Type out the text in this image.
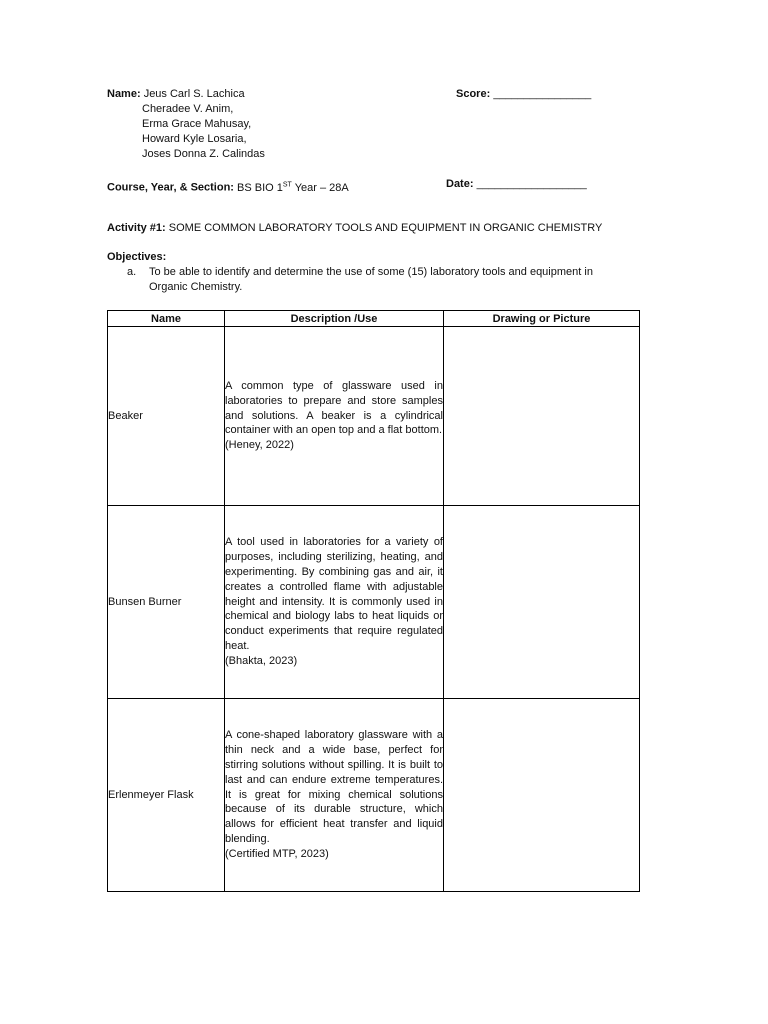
Name: Jeus Carl S. Lachica
Cheradee V. Anim,
Erma Grace Mahusay,
Howard Kyle Losaria,
Joses Donna Z. Calindas
Score: ________________
Course, Year, & Section: BS BIO 1ST Year – 28A	Date: __________________
Activity #1: SOME COMMON LABORATORY TOOLS AND EQUIPMENT IN ORGANIC CHEMISTRY
Objectives:
a. To be able to identify and determine the use of some (15) laboratory tools and equipment in Organic Chemistry.
Name	Description /Use	Drawing or Picture
Beaker	A common type of glassware used in laboratories to prepare and store samples and solutions. A beaker is a cylindrical container with an open top and a flat bottom.
(Heney, 2022)	

Bunsen Burner	A tool used in laboratories for a variety of purposes, including sterilizing, heating, and experimenting. By combining gas and air, it creates a controlled flame with adjustable height and intensity. It is commonly used in chemical and biology labs to heat liquids or conduct experiments that require regulated heat.
(Bhakta, 2023)	

Erlenmeyer Flask	A cone-shaped laboratory glassware with a thin neck and a wide base, perfect for stirring solutions without spilling. It is built to last and can endure extreme temperatures. It is great for mixing chemical solutions because of its durable structure, which allows for efficient heat transfer and liquid blending.
(Certified MTP, 2023)	
